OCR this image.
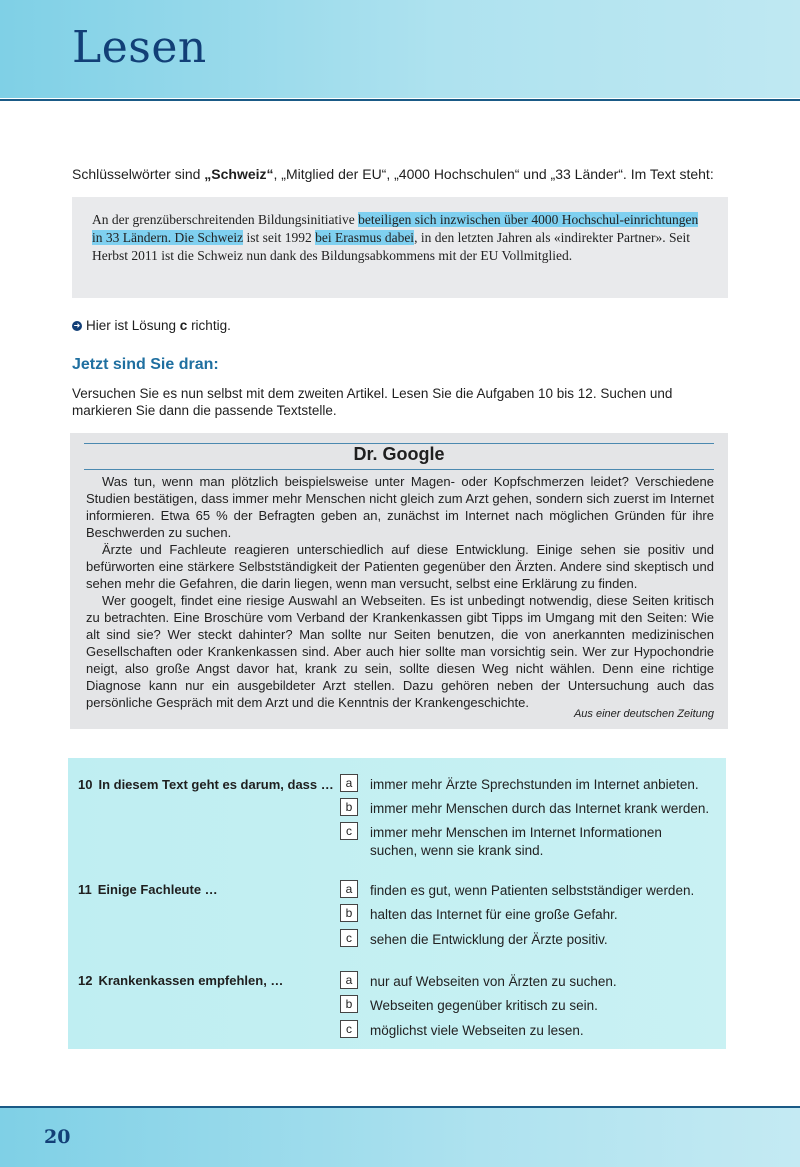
Lesen
Schlüsselwörter sind „Schweiz“, „Mitglied der EU“, „4000 Hochschulen“ und „33 Länder“. Im Text steht:
An der grenzüberschreitenden Bildungsinitiative beteiligen sich inzwischen über 4000 Hochschul-einrichtungen in 33 Ländern. Die Schweiz ist seit 1992 bei Erasmus dabei, in den letzten Jahren als «indirekter Partner». Seit Herbst 2011 ist die Schweiz nun dank des Bildungsabkommens mit der EU Vollmitglied.
➜ Hier ist Lösung c richtig.
Jetzt sind Sie dran:
Versuchen Sie es nun selbst mit dem zweiten Artikel. Lesen Sie die Aufgaben 10 bis 12. Suchen und markieren Sie dann die passende Textstelle.
Dr. Google

Was tun, wenn man plötzlich beispielsweise unter Magen- oder Kopfschmerzen leidet? Verschiedene Studien bestätigen, dass immer mehr Menschen nicht gleich zum Arzt gehen, sondern sich zuerst im Internet informieren. Etwa 65 % der Befragten geben an, zunächst im Internet nach möglichen Gründen für ihre Beschwerden zu suchen.

Ärzte und Fachleute reagieren unterschiedlich auf diese Entwicklung. Einige sehen sie positiv und befürworten eine stärkere Selbstständigkeit der Patienten gegenüber den Ärzten. Andere sind skeptisch und sehen mehr die Gefahren, die darin liegen, wenn man versucht, selbst eine Erklärung zu finden.

Wer googelt, findet eine riesige Auswahl an Webseiten. Es ist unbedingt notwendig, diese Seiten kritisch zu betrachten. Eine Broschüre vom Verband der Krankenkassen gibt Tipps im Umgang mit den Seiten: Wie alt sind sie? Wer steckt dahinter? Man sollte nur Seiten benutzen, die von anerkannten medizinischen Gesellschaften oder Krankenkassen sind. Aber auch hier sollte man vorsichtig sein. Wer zur Hypochondrie neigt, also große Angst davor hat, krank zu sein, sollte diesen Weg nicht wählen. Denn eine richtige Diagnose kann nur ein ausgebildeter Arzt stellen. Dazu gehören neben der Untersuchung auch das persönliche Gespräch mit dem Arzt und die Kenntnis der Krankengeschichte.

Aus einer deutschen Zeitung
10 In diesem Text geht es darum, dass … a	immer mehr Ärzte Sprechstunden im Internet anbieten.
b	immer mehr Menschen durch das Internet krank werden.
c	immer mehr Menschen im Internet Informationen suchen, wenn sie krank sind.
11 Einige Fachleute …	a	finden es gut, wenn Patienten selbstständiger werden.
b	halten das Internet für eine große Gefahr.
c	sehen die Entwicklung der Ärzte positiv.
12 Krankenkassen empfehlen, …	a	nur auf Webseiten von Ärzten zu suchen.
b	Webseiten gegenüber kritisch zu sein.
c	möglichst viele Webseiten zu lesen.
20
